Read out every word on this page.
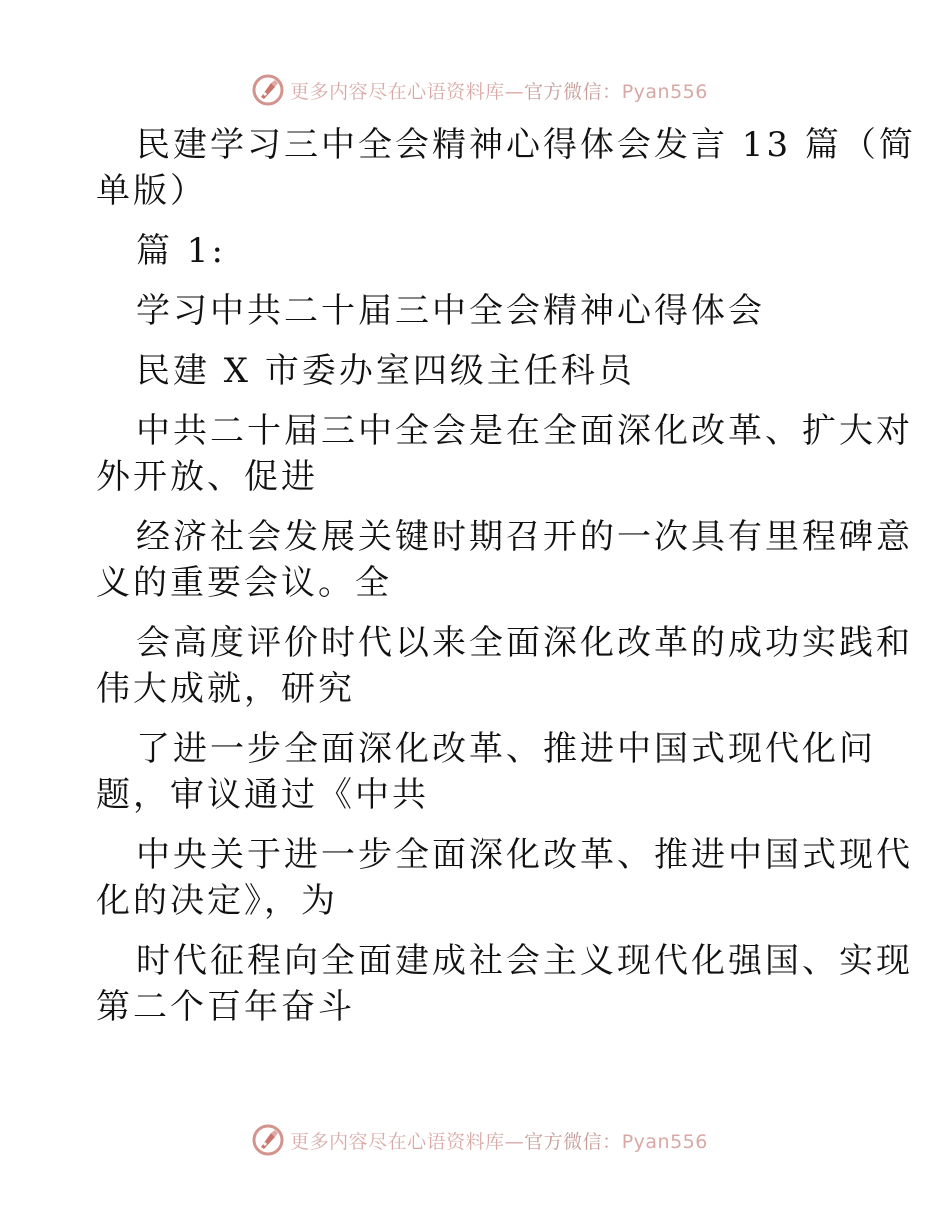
更多内容尽在心语资料库—官方微信：Pyan556
民建学习三中全会精神心得体会发言 13 篇（简
单版）
篇 1:
学习中共二十届三中全会精神心得体会
民建 X 市委办室四级主任科员
中共二十届三中全会是在全面深化改革、扩大对
外开放、促进
经济社会发展关键时期召开的一次具有里程碑意
义的重要会议。全
会高度评价时代以来全面深化改革的成功实践和
伟大成就，研究
了进一步全面深化改革、推进中国式现代化问
题，审议通过《中共
中央关于进一步全面深化改革、推进中国式现代
化的决定》，为
时代征程向全面建成社会主义现代化强国、实现
第二个百年奋斗
更多内容尽在心语资料库—官方微信：Pyan556
